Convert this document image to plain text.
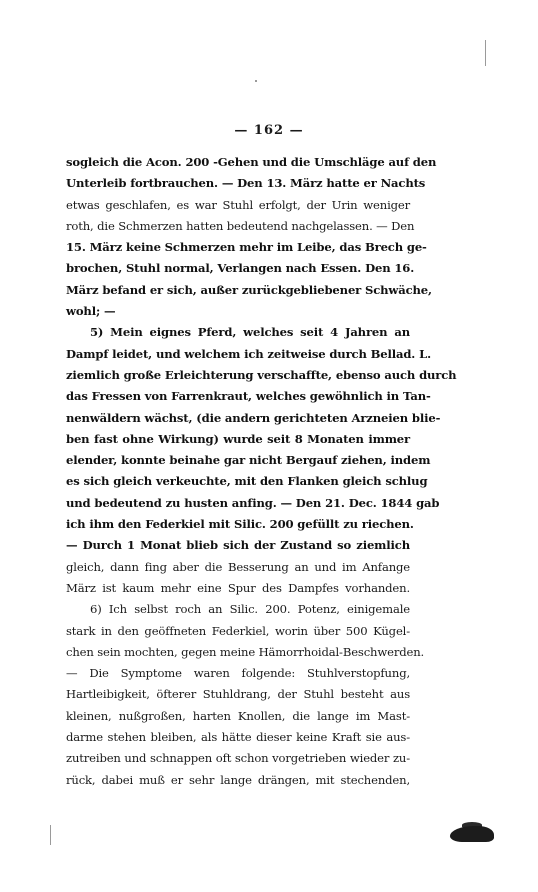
— 162 —
sogleich die Acon. 200 -Gehen und die Umschläge auf den
Unterleib fortbrauchen. — Den 13. März hatte er Nachts
etwas geschlafen, es war Stuhl erfolgt, der Urin weniger
roth, die Schmerzen hatten bedeutend nachgelassen. — Den
15. März keine Schmerzen mehr im Leibe, das Brech ge-
brochen, Stuhl normal, Verlangen nach Essen. Den 16.
März befand er sich, außer zurückgebliebener Schwäche,
wohl; —
5) Mein eignes Pferd, welches seit 4 Jahren an
Dampf leidet, und welchem ich zeitweise durch Bellad. L.
ziemlich große Erleichterung verschaffte, ebenso auch durch
das Fressen von Farrenkraut, welches gewöhnlich in Tan-
nenwäldern wächst, (die andern gerichteten Arzneien blie-
ben fast ohne Wirkung) wurde seit 8 Monaten immer
elender, konnte beinahe gar nicht Bergauf ziehen, indem
es sich gleich verkeuchte, mit den Flanken gleich schlug
und bedeutend zu husten anfing. — Den 21. Dec. 1844 gab
ich ihm den Federkiel mit Silic. 200 gefüllt zu riechen.
— Durch 1 Monat blieb sich der Zustand so ziemlich
gleich, dann fing aber die Besserung an und im Anfange
März ist kaum mehr eine Spur des Dampfes vorhanden.
6) Ich selbst roch an Silic. 200. Potenz, einigemale
stark in den geöffneten Federkiel, worin über 500 Kügel-
chen sein mochten, gegen meine Hämorrhoidal-Beschwerden.
— Die Symptome waren folgende: Stuhlverstopfung,
Hartleibigkeit, öfterer Stuhldrang, der Stuhl besteht aus
kleinen, nußgroßen, harten Knollen, die lange im Mast-
darme stehen bleiben, als hätte dieser keine Kraft sie aus-
zutreiben und schnappen oft schon vorgetrieben wieder zu-
rück, dabei muß er sehr lange drängen, mit stechenden,
